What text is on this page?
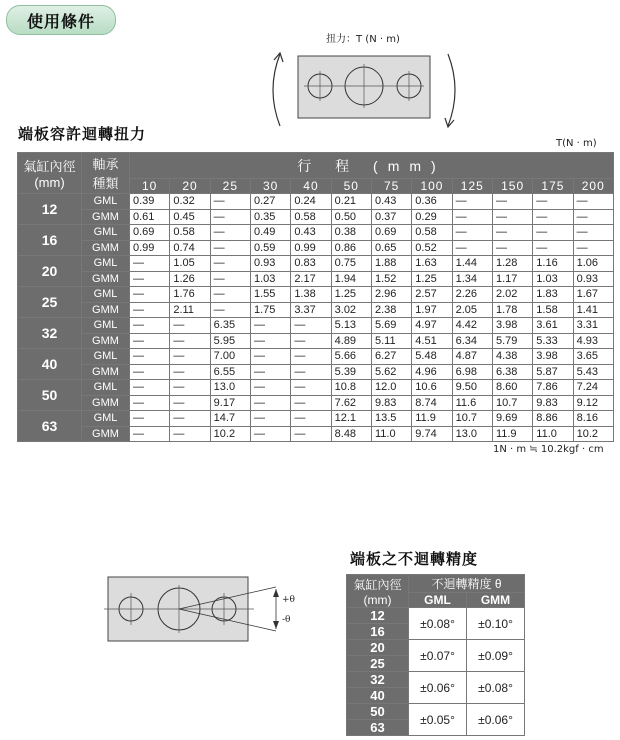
使用條件
扭力：T (N · m)
端板容許迴轉扭力
T(N · m)
氣缸內徑
(mm)	軸承
種類	行 程 (mm)											
		10	20	25	30	40	50	75	100	125	150	175	200
12	GML	0.39	0.32	—	0.27	0.24	0.21	0.43	0.36	—	—	—	—
	GMM	0.61	0.45	—	0.35	0.58	0.50	0.37	0.29	—	—	—	—
16	GML	0.69	0.58	—	0.49	0.43	0.38	0.69	0.58	—	—	—	—
	GMM	0.99	0.74	—	0.59	0.99	0.86	0.65	0.52	—	—	—	—
20	GML	—	1.05	—	0.93	0.83	0.75	1.88	1.63	1.44	1.28	1.16	1.06
	GMM	—	1.26	—	1.03	2.17	1.94	1.52	1.25	1.34	1.17	1.03	0.93
25	GML	—	1.76	—	1.55	1.38	1.25	2.96	2.57	2.26	2.02	1.83	1.67
	GMM	—	2.11	—	1.75	3.37	3.02	2.38	1.97	2.05	1.78	1.58	1.41
32	GML	—	—	6.35	—	—	5.13	5.69	4.97	4.42	3.98	3.61	3.31
	GMM	—	—	5.95	—	—	4.89	5.11	4.51	6.34	5.79	5.33	4.93
40	GML	—	—	7.00	—	—	5.66	6.27	5.48	4.87	4.38	3.98	3.65
	GMM	—	—	6.55	—	—	5.39	5.62	4.96	6.98	6.38	5.87	5.43
50	GML	—	—	13.0	—	—	10.8	12.0	10.6	9.50	8.60	7.86	7.24
	GMM	—	—	9.17	—	—	7.62	9.83	8.74	11.6	10.7	9.83	9.12
63	GML	—	—	14.7	—	—	12.1	13.5	11.9	10.7	9.69	8.86	8.16
	GMM	—	—	10.2	—	—	8.48	11.0	9.74	13.0	11.9	11.0	10.2
1N · m ≒ 10.2kgf · cm
端板之不迴轉精度
+θ
-θ
氣缸內徑
(mm)	不迴轉精度 θ	
	GML	GMM
12	±0.08°	±0.10°
16		
20	±0.07°	±0.09°
25		
32	±0.06°	±0.08°
40		
50	±0.05°	±0.06°
63		
